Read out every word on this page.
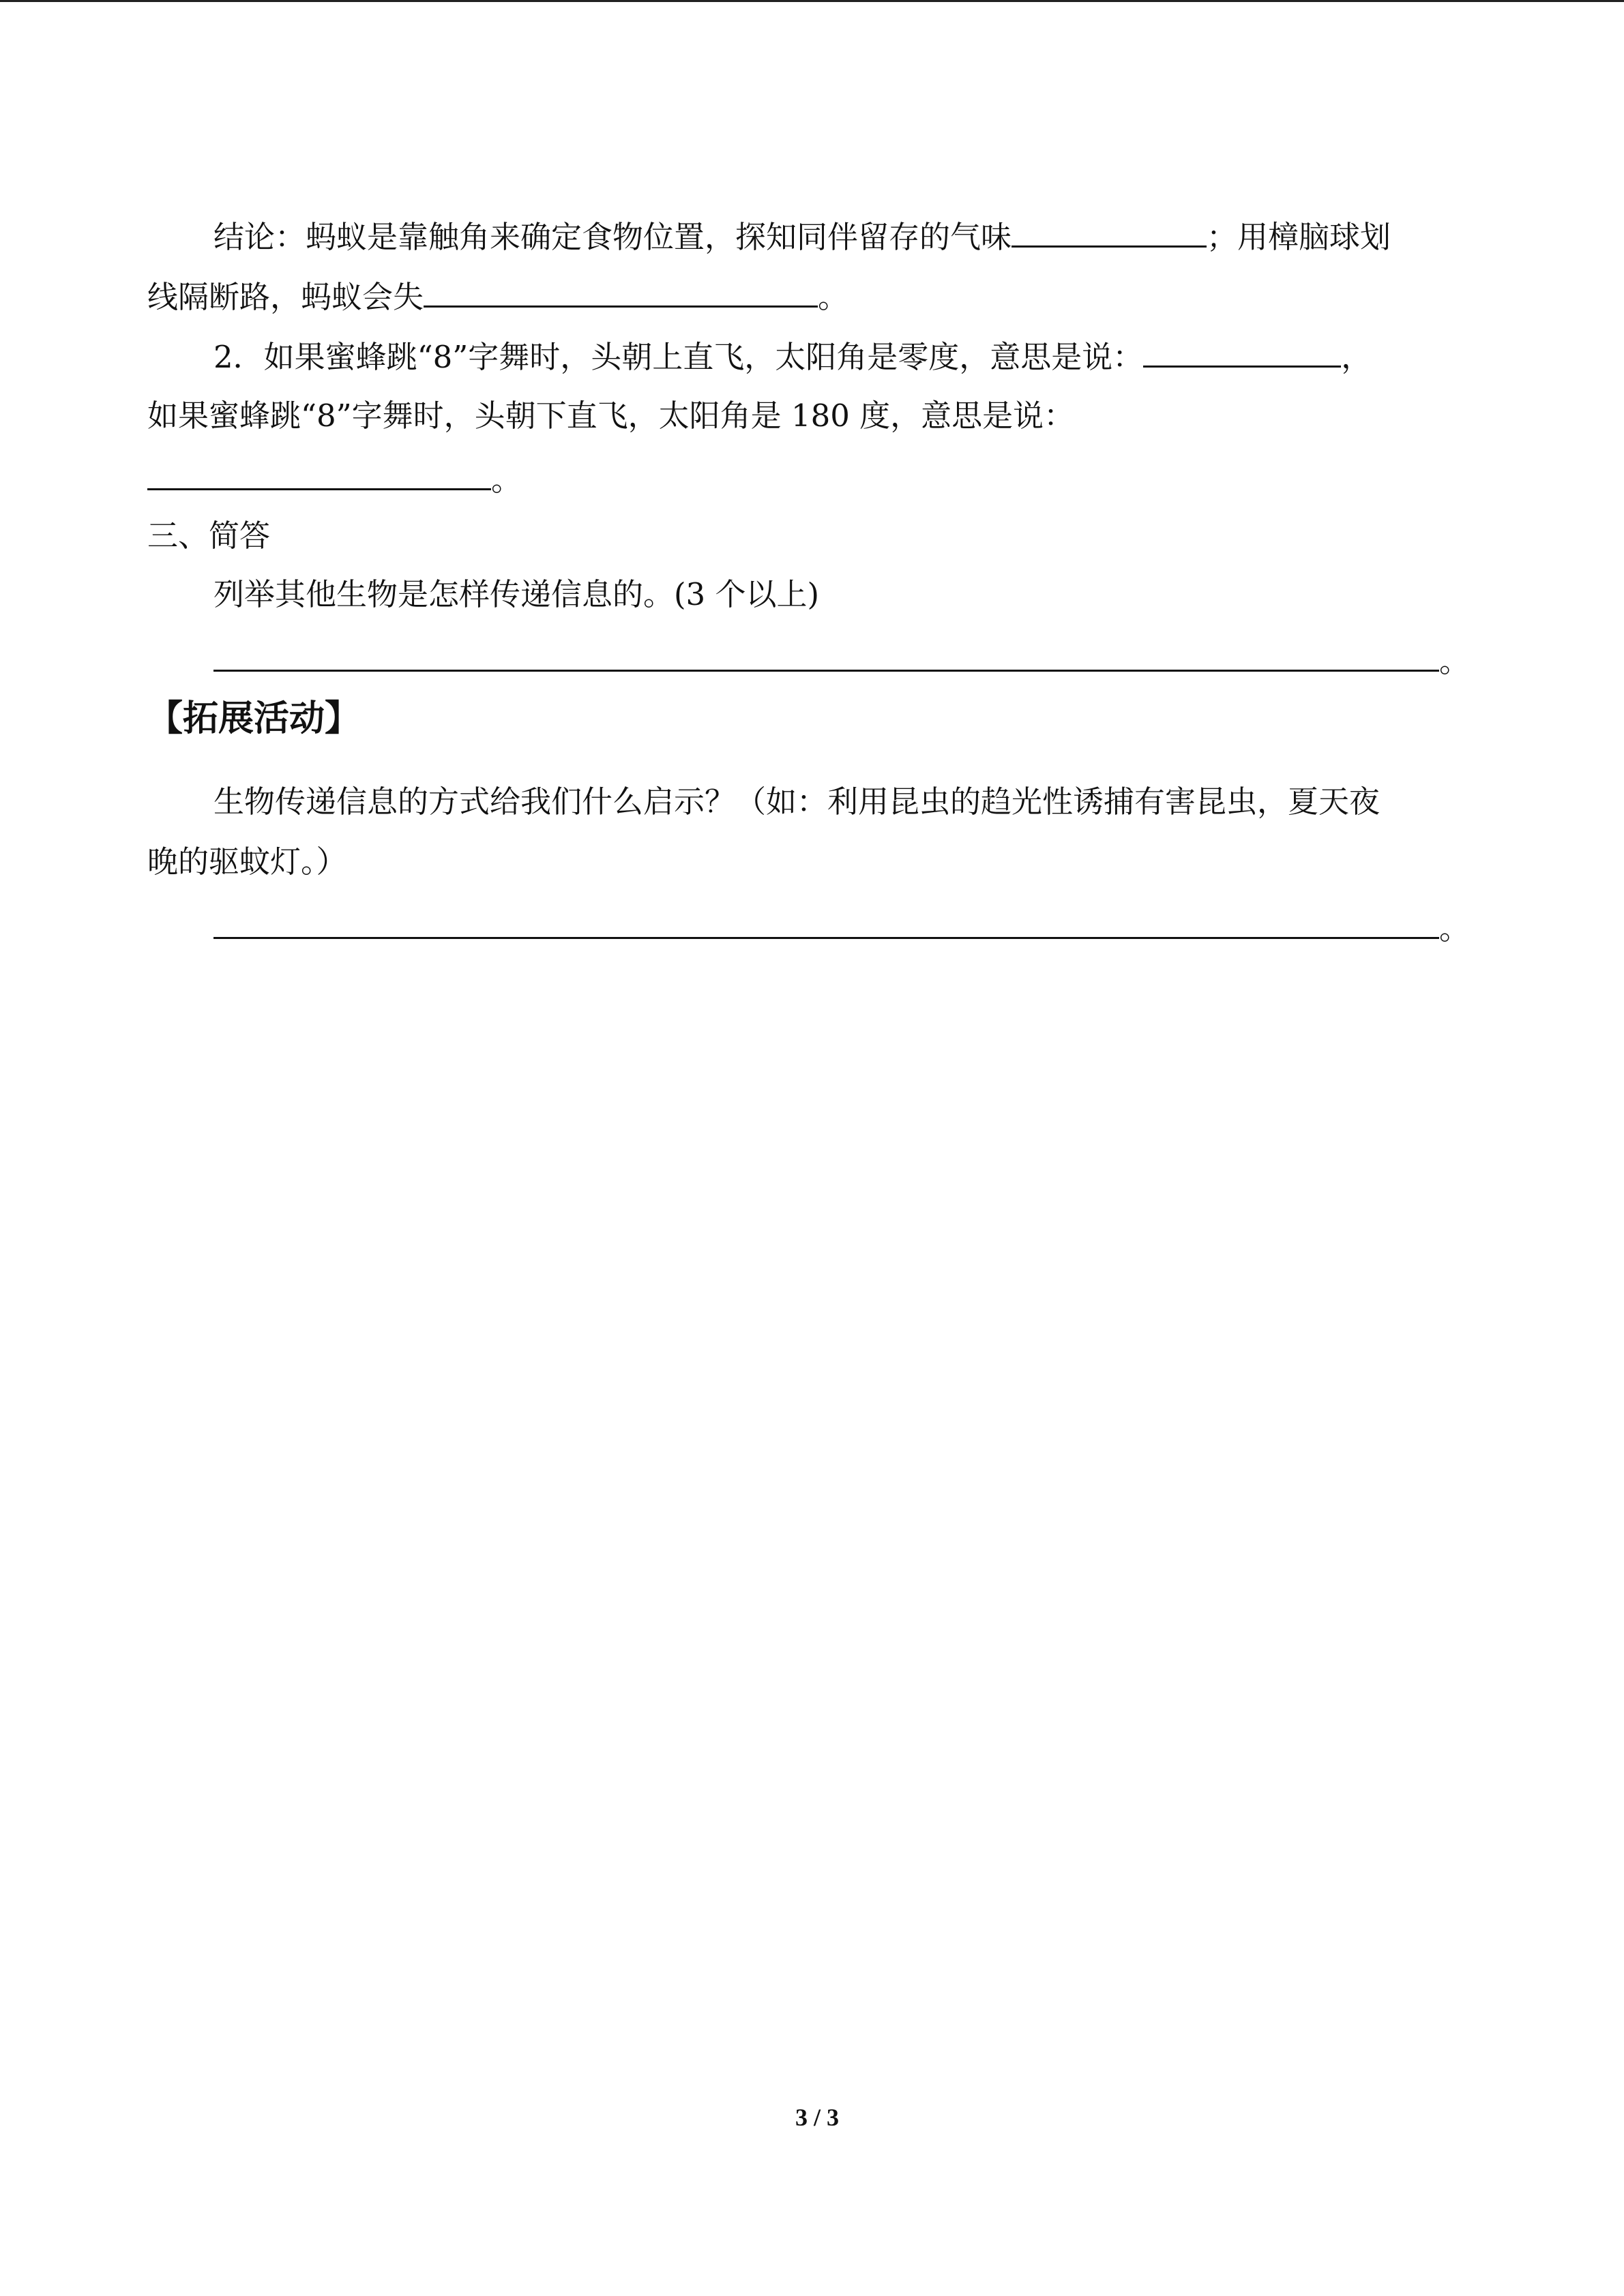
结论：蚂蚁是靠触角来确定食物位置，探知同伴留存的气味	；用樟脑球划
线隔断路，蚂蚁会失	。
2．如果蜜蜂跳“8”字舞时，头朝上直飞，太阳角是零度，意思是说：	，
如果蜜蜂跳“8”字舞时，头朝下直飞，太阳角是 180 度，意思是说：
。
三、简答
列举其他生物是怎样传递信息的。(3 个以上)
。
【拓展活动】
生物传递信息的方式给我们什么启示？（如：利用昆虫的趋光性诱捕有害昆虫，夏天夜
晚的驱蚊灯。）
。
3 / 3
